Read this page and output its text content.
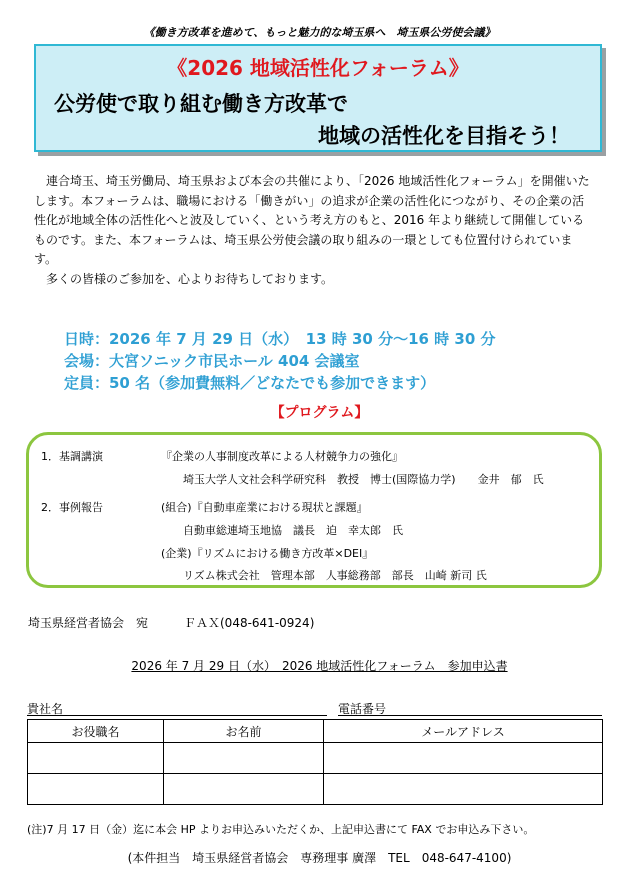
《働き方改革を進めて、もっと魅力的な埼玉県へ　埼玉県公労使会議》
《2026 地域活性化フォーラム》
公労使で取り組む働き方改革で
地域の活性化を目指そう！

連合埼玉、埼玉労働局、埼玉県および本会の共催により、「2026 地域活性化フォーラム」を開催いたします。本フォーラムは、職場における「働きがい」の追求が企業の活性化につながり、その企業の活性化が地域全体の活性化へと波及していく、という考え方のもと、2016 年より継続して開催しているものです。また、本フォーラムは、埼玉県公労使会議の取り組みの一環としても位置付けられています。

多くの皆様のご参加を、心よりお待ちしております。

日時：2026 年 7 月 29 日（水）　13 時 30 分～16 時 30 分
会場：大宮ソニック市民ホール 404 会議室
定員：50 名（参加費無料／どなたでも参加できます）
【プログラム】
1．基調講演	『企業の人事制度改革による人材競争力の強化』
埼玉大学人文社会科学研究科　教授　博士(国際協力学)　　金井　郁　氏
2．事例報告	(組合)『自動車産業における現状と課題』
自動車総連埼玉地協　議長　迫　幸太郎　氏
(企業)『リズムにおける働き方改革×DEI』
リズム株式会社　管理本部　人事総務部　部長　山崎 新司 氏
埼玉県経営者協会　宛　　　ＦＡＸ(048-641-0924)
2026 年 7 月 29 日（水）　2026 地域活性化フォーラム　参加申込書
貴社名	電話番号
お役職名	お名前	メールアドレス

(注)7 月 17 日（金）迄に本会 HP よりお申込みいただくか、上記申込書にて FAX でお申込み下さい。
(本件担当　埼玉県経営者協会　専務理事 廣澤　TEL　048-647-4100)
